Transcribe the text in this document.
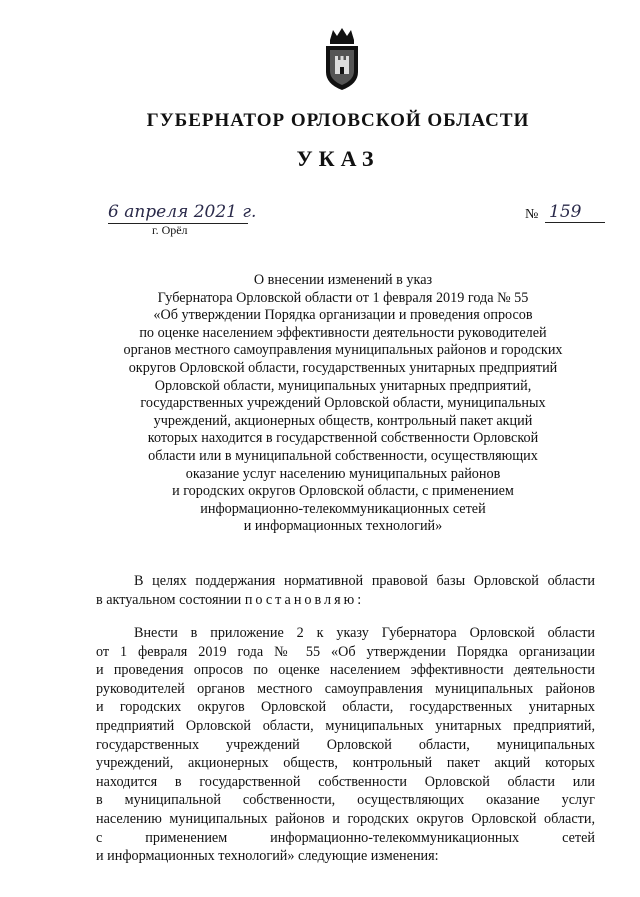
ГУБЕРНАТОР ОРЛОВСКОЙ ОБЛАСТИ
УКАЗ
6 апреля 2021 г.
г. Орёл
№ 159
О внесении изменений в указ
Губернатора Орловской области от 1 февраля 2019 года № 55
«Об утверждении Порядка организации и проведения опросов
по оценке населением эффективности деятельности руководителей
органов местного самоуправления муниципальных районов и городских
округов Орловской области, государственных унитарных предприятий
Орловской области, муниципальных унитарных предприятий,
государственных учреждений Орловской области, муниципальных
учреждений, акционерных обществ, контрольный пакет акций
которых находится в государственной собственности Орловской
области или в муниципальной собственности, осуществляющих
оказание услуг населению муниципальных районов
и городских округов Орловской области, с применением
информационно-телекоммуникационных сетей
и информационных технологий»
В целях поддержания нормативной правовой базы Орловской области
в актуальном состоянии постановляю:
Внести в приложение 2 к указу Губернатора Орловской области
от 1 февраля 2019 года № 55 «Об утверждении Порядка организации
и проведения опросов по оценке населением эффективности деятельности
руководителей органов местного самоуправления муниципальных районов
и городских округов Орловской области, государственных унитарных
предприятий Орловской области, муниципальных унитарных предприятий,
государственных учреждений Орловской области, муниципальных
учреждений, акционерных обществ, контрольный пакет акций которых
находится в государственной собственности Орловской области или
в муниципальной собственности, осуществляющих оказание услуг
населению муниципальных районов и городских округов Орловской области,
с применением информационно-телекоммуникационных сетей
и информационных технологий» следующие изменения:
